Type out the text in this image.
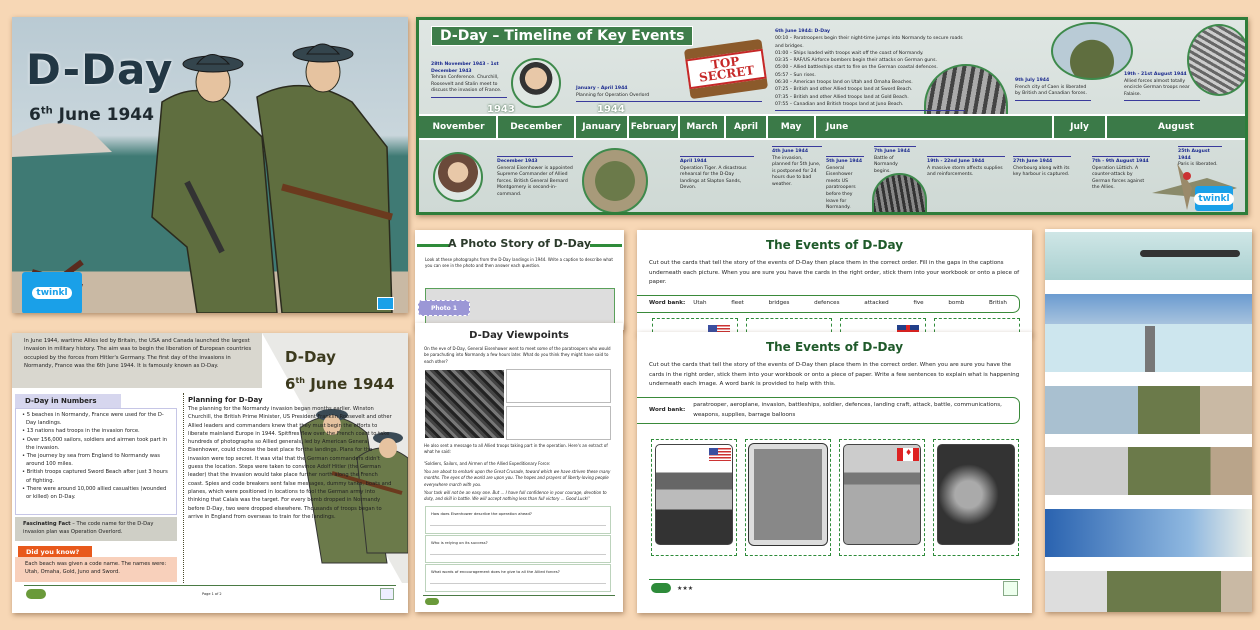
D-Day
6th June 1944
twinkl
D-Day – Timeline of Key Events
TOP SECRET
28th November 1943 - 1st December 1943
Tehran Conference. Churchill, Roosevelt and Stalin meet to discuss the invasion of France.	January - April 1944
Planning for Operation Overlord
6th June 1944: D-Day
00:10 – Paratroopers begin their night-time jumps into Normandy to secure roads and bridges.
01:00 – Ships loaded with troops wait off the coast of Normandy.
03:35 – RAF/US Airforce bombers begin their attacks on German guns.
05:00 – Allied battleships start to fire on the German coastal defences.
05:57 – Sun rises.
06:30 – American troops land on Utah and Omaha Beaches.
07:25 – British and other Allied troops land at Sword Beach.
07:35 – British and other Allied troops land at Gold Beach.
07:55 – Canadian and British troops land at Juno Beach.
9th July 1944
French city of Caen is liberated by British and Canadian forces.
19th - 21st August 1944
Allied forces almost totally encircle German troops near Falaise.
November	December	January	February	March	April	May	June	July	August
1943	1944
December 1943
General Eisenhower is appointed Supreme Commander of Allied forces. British General Bernard Montgomery is second-in-command.
April 1944
Operation Tiger. A disastrous rehearsal for the D-Day landings at Slapton Sands, Devon.
4th June 1944
The invasion, planned for 5th June, is postponed for 24 hours due to bad weather.
5th June 1944
General Eisenhower meets US paratroopers before they leave for Normandy.
7th June 1944
Battle of Normandy begins.
19th - 22nd June 1944
A massive storm affects supplies and reinforcements.
27th June 1944
Cherbourg along with its key harbour is captured.
7th - 9th August 1944
Operation Lüttich. A counter-attack by German forces against the Allies.
25th August 1944
Paris is liberated.
twinkl
In June 1944, wartime Allies led by Britain, the USA and Canada launched the largest invasion in military history. The aim was to begin the liberation of European countries occupied by the forces from Hitler's Germany. The first day of the invasions in Normandy, France was the 6th June 1944. It is famously known as D-Day.	D-Day
6th June 1944
D-Day in Numbers
• 5 beaches in Normandy, France were used for the D-Day landings.
• 13 nations had troops in the invasion force.
• Over 156,000 sailors, soldiers and airmen took part in the invasion.
• The journey by sea from England to Normandy was around 100 miles.
• British troops captured Sword Beach after just 3 hours of fighting.
• There were around 10,000 allied casualties (wounded or killed) on D-Day.
Fascinating Fact – The code name for the D-Day invasion plan was Operation Overlord.
Did you know?
Each beach was given a code name. The names were: Utah, Omaha, Gold, Juno and Sword.
Planning for D-Day
The planning for the Normandy invasion began months earlier. Winston Churchill, the British Prime Minister, US President Franklin Roosevelt and other Allied leaders and commanders knew that they must begin the efforts to liberate mainland Europe in 1944. Spitfires flew over the French coast to take hundreds of photographs so Allied generals, led by American General Eisenhower, could choose the best place for the landings. Plans for the invasion were top secret. It was vital that the German commanders didn't guess the location. Steps were taken to convince Adolf Hitler (the German leader) that the invasion would take place further north along the French coast. Spies and code breakers sent false messages, dummy tanks, boats and planes, which were positioned in locations to fool the German army into thinking that Calais was the target. For every bomb dropped in Normandy before D-Day, two were dropped elsewhere. Thousands of troops began to arrive in England from overseas to train for the landings.
Page 1 of 2
A Photo Story of D-Day
Look at these photographs from the D-Day landings in 1944. Write a caption to describe what you can see in the photo and then answer each question.
Photo 1
D-Day Viewpoints
On the eve of D-Day, General Eisenhower went to meet some of the paratroopers who would be parachuting into Normandy a few hours later. What do you think they might have said to each other?
He also sent a message to all Allied troops taking part in the operation. Here's an extract of what he said:
'Soldiers, Sailors, and Airmen of the Allied Expeditionary Force:
You are about to embark upon the Great Crusade, toward which we have striven these many months. The eyes of the world are upon you. The hopes and prayers of liberty-loving people everywhere march with you.
Your task will not be an easy one. But ... I have full confidence in your courage, devotion to duty, and skill in battle. We will accept nothing less than full victory ... Good Luck!'
How does Eisenhower describe the operation ahead?
Who is relying on its success?
What words of encouragement does he give to all the Allied forces?
The Events of D-Day
Cut out the cards that tell the story of the events of D-Day then place them in the correct order. Fill in the gaps in the captions underneath each picture. When you are sure you have the cards in the right order, stick them into your workbook or onto a piece of paper.
Word bank: Utah	fleet	bridges	defences	attacked	five	bomb	British
The Events of D-Day
Cut out the cards that tell the story of the events of D-Day then place them in the correct order. When you are sure you have the cards in the right order, stick them into your workbook or onto a piece of paper. Write a few sentences to explain what is happening underneath each image. A word bank is provided to help with this.
Word bank:
paratrooper, aeroplane, invasion, battleships, soldier, defences, landing craft, attack, battle, communications, weapons, supplies, barrage balloons
♦
★★★
